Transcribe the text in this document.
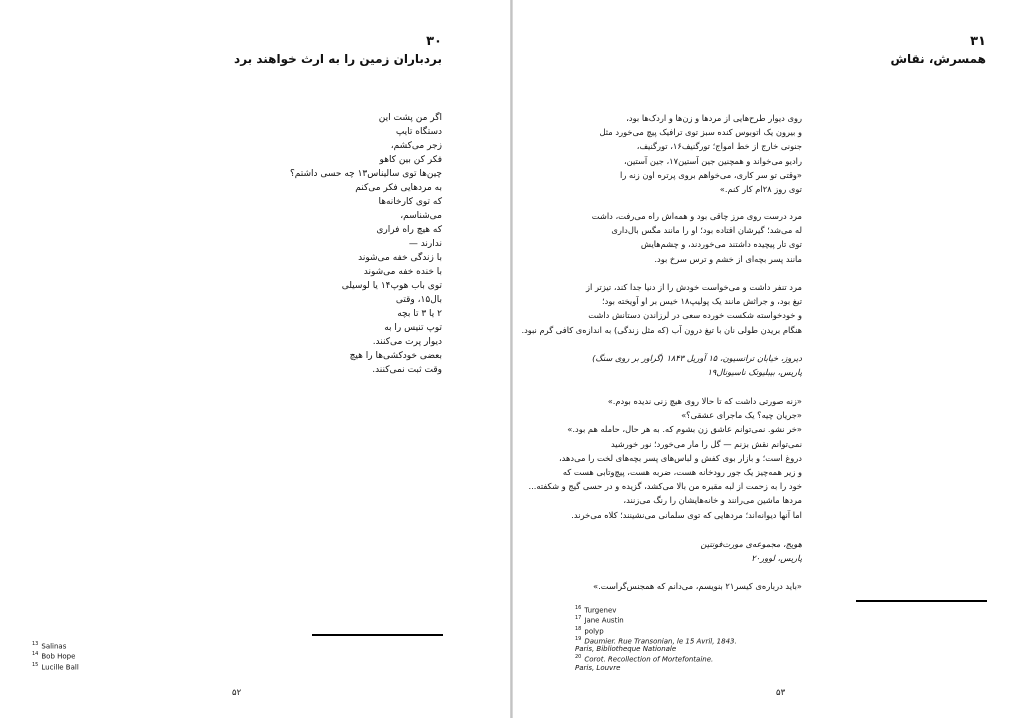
۳۰
بردباران زمین را به ارث خواهند برد
اگر من پشت این
دستگاه تایپ
زجر می‌کشم،
فکر کن بین کاهو
چین‌ها توی سالیناس۱۳ چه حسی داشتم؟
به مردهایی فکر می‌کنم
که توی کارخانه‌ها
می‌شناسم،
که هیچ راه فراری
ندارند —
با زندگی خفه می‌شوند
با خنده خفه می‌شوند
توی باب هوپ۱۴ یا لوسیلی
بال۱۵، وقتی
۲ یا ۳ تا بچه
توپ تنیس را به
دیوار پرت می‌کنند.
بعضی خودکشی‌ها را هیچ
وقت ثبت نمی‌کنند.
$^{13}$ Salinas
$^{14}$ Bob Hope
$^{15}$ Lucille Ball
۵۲
۳۱
همسرش، نقاش
روی دیوار طرح‌هایی از مردها و زن‌ها و اردک‌ها بود،
و بیرون یک اتوبوس کنده سبز توی ترافیک پیچ می‌خورد مثل
جنونی خارج از خط امواج؛ تورگنیف۱۶، تورگنیف،
رادیو می‌خواند و همچنین جین آستین۱۷، جین آستین،
«وقتی تو سر کاری، می‌خواهم بروی پرتره اون زنه را
توی روز ۲۸ام کار کنم.»
مرد درست روی مرز چاقی بود و همه‌اش راه می‌رفت، داشت
له می‌شد؛ گیرشان افتاده بود؛ او را مانند مگس بال‌داری
توی تار پیچیده داشتند می‌خوردند، و چشم‌هایش
مانند پسر بچه‌ای از خشم و ترس سرخ بود.
مرد تنفر داشت و می‌خواست خودش را از دنیا جدا کند، تیزتر از
تیغ بود، و جراثش مانند یک پولیپ۱۸ خیس بر او آویخته بود؛
و خودخواسته شکست خورده سعی در لرزاندن دستانش داشت
هنگام بریدن طولی نان با تیغ درون آب (که مثل زندگی) به اندازه‌ی کافی گرم نبود.
دیروز، خیابان ترانسیون، ۱۵ آوریل ۱۸۴۳ (گراور بر روی سنگ)
پاریس، بیبلیوتک ناسیونال۱۹
«زنه صورتی داشت که تا حالا روی هیچ زنی ندیده بودم.»
«جریان چیه؟ یک ماجرای عشقی؟»
«خر نشو. نمی‌توانم عاشق زن بشوم که. به هر حال، حامله هم بود.»
نمی‌توانم نقش بزنم — گل را مار می‌خورد؛ نور خورشید
دروغ است؛ و بازار بوی کفش و لباس‌های پسر بچه‌های لخت را می‌دهد،
و زیر همه‌چیز یک جور رودخانه هست، ضربه هست، پیچ‌وتابی هست که
خود را به زحمت از لبه مقبره من بالا می‌کشد، گزیده و در حسی گیج و شکفته...
مردها ماشین می‌رانند و خانه‌هایشان را رنگ می‌زنند،
اما آنها دیوانه‌اند؛ مردهایی که توی سلمانی می‌نشینند؛ کلاه می‌خرند.
هویج، مجموعه‌ی مورت‌فونتین
پاریس، لوور۲۰
«باید درباره‌ی کیسر۲۱ بنویسم، می‌دانم که همجنس‌گراست.»
$^{16}$ Turgenev
$^{17}$ Jane Austin
$^{18}$ polyp
$^{19}$ Daumier. Rue Transonian, le 15 Avril, 1843.
Paris, Bibliotheque Nationale
$^{20}$ Corot. Recollection of Mortefontaine.
Paris, Louvre
۵۳
